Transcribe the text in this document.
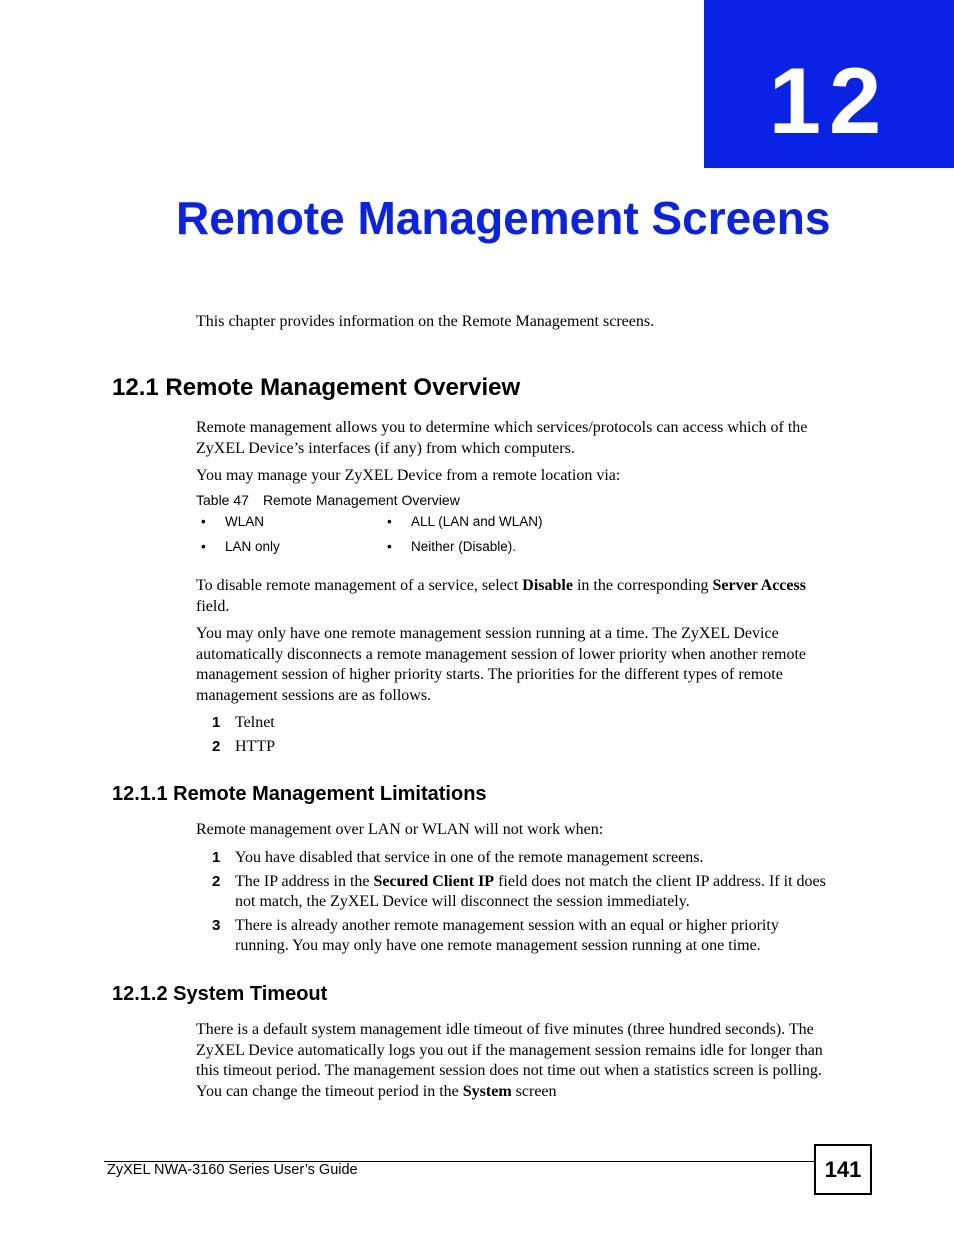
12
Remote Management Screens

This chapter provides information on the Remote Management screens.

12.1 Remote Management Overview

Remote management allows you to determine which services/protocols can access which of the ZyXEL Device’s interfaces (if any) from which computers.

You may manage your ZyXEL Device from a remote location via:

Table 47 Remote Management Overview

•	WLAN	•	ALL (LAN and WLAN)
•	LAN only	•	Neither (Disable).

To disable remote management of a service, select Disable in the corresponding Server Access field.

You may only have one remote management session running at a time. The ZyXEL Device automatically disconnects a remote management session of lower priority when another remote management session of higher priority starts. The priorities for the different types of remote management sessions are as follows.

1 Telnet
2 HTTP
12.1.1 Remote Management Limitations

Remote management over LAN or WLAN will not work when:

1 You have disabled that service in one of the remote management screens.
2 The IP address in the Secured Client IP field does not match the client IP address. If it does not match, the ZyXEL Device will disconnect the session immediately.
3 There is already another remote management session with an equal or higher priority running. You may only have one remote management session running at one time.
12.1.2 System Timeout

There is a default system management idle timeout of five minutes (three hundred seconds). The ZyXEL Device automatically logs you out if the management session remains idle for longer than this timeout period. The management session does not time out when a statistics screen is polling. You can change the timeout period in the System screen

ZyXEL NWA-3160 Series User’s Guide	141
